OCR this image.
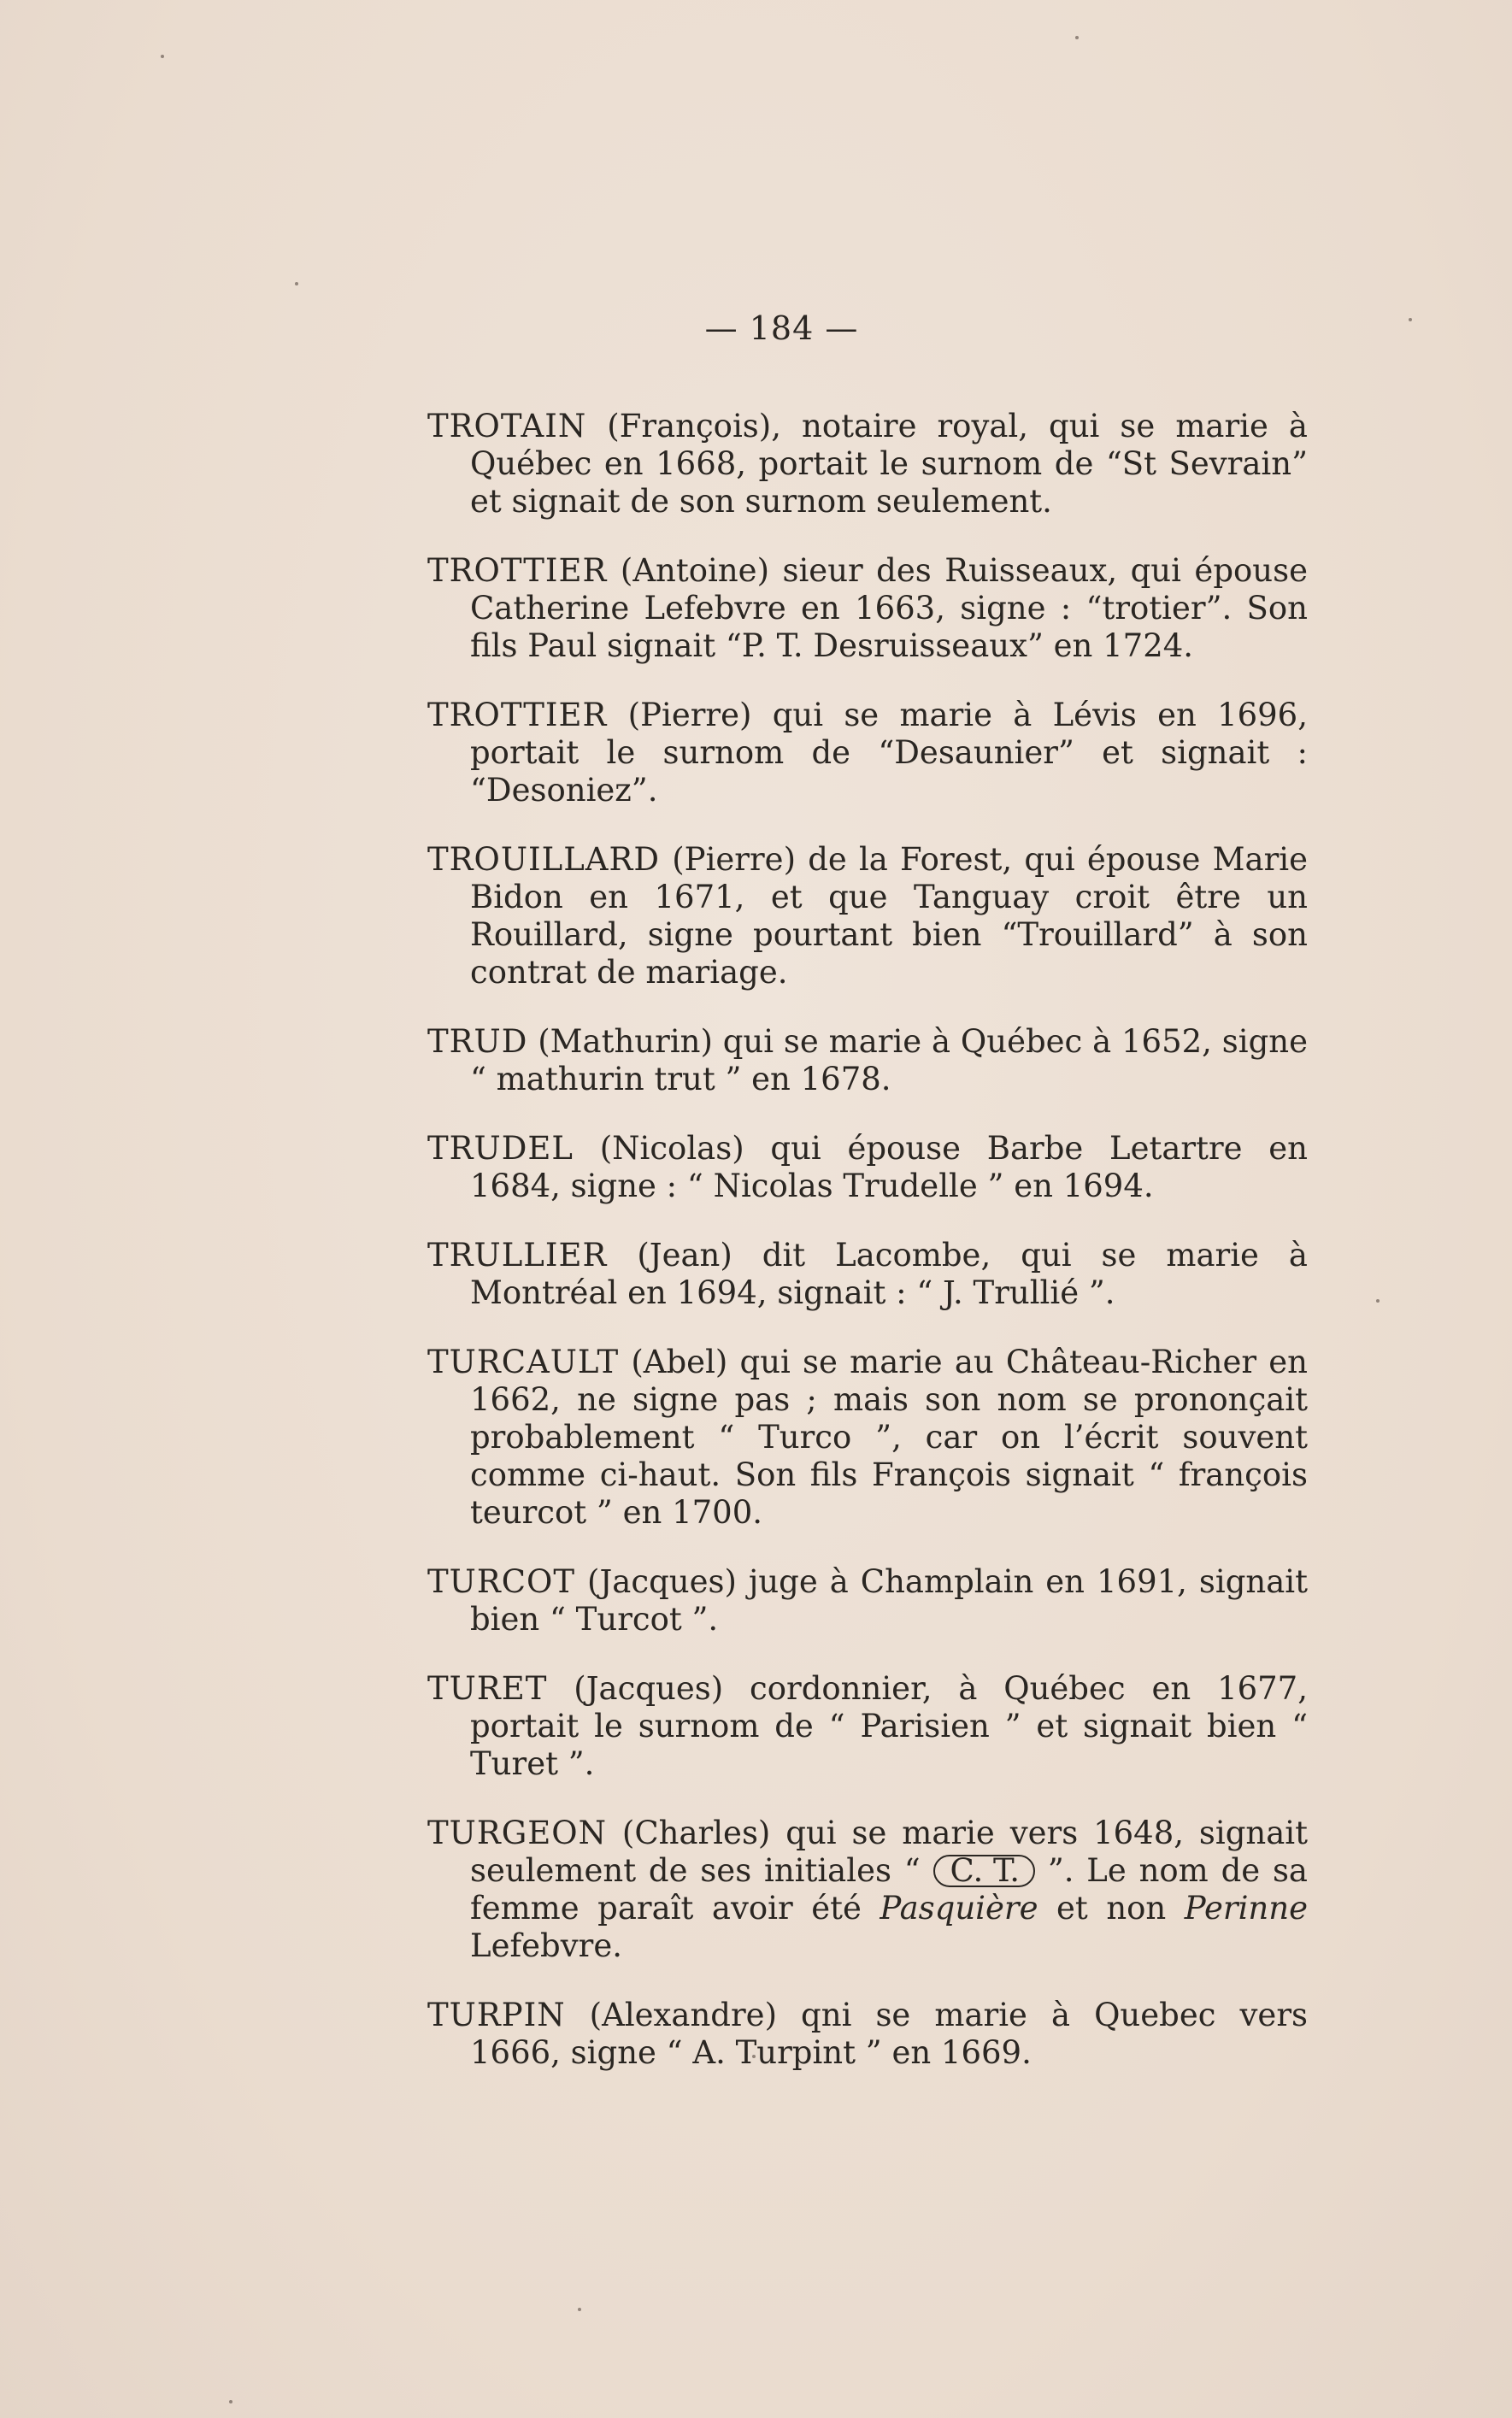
— 184 —

TROTAIN (François), notaire royal, qui se marie à Québec en 1668, portait le surnom de “St Sevrain” et signait de son surnom seulement.

TROTTIER (Antoine) sieur des Ruisseaux, qui épouse Catherine Lefebvre en 1663, signe : “trotier”. Son fils Paul signait “P. T. Desruisseaux” en 1724.

TROTTIER (Pierre) qui se marie à Lévis en 1696, portait le surnom de “Desaunier” et signait : “Desoniez”.

TROUILLARD (Pierre) de la Forest, qui épouse Marie Bidon en 1671, et que Tanguay croit être un Rouillard, signe pourtant bien “Trouillard” à son contrat de mariage.

TRUD (Mathurin) qui se marie à Québec à 1652, signe “ mathurin trut ” en 1678.

TRUDEL (Nicolas) qui épouse Barbe Letartre en 1684, signe : “ Nicolas Trudelle ” en 1694.

TRULLIER (Jean) dit Lacombe, qui se marie à Montréal en 1694, signait : “ J. Trullié ”.

TURCAULT (Abel) qui se marie au Château-Richer en 1662, ne signe pas ; mais son nom se prononçait probablement “ Turco ”, car on l’écrit souvent comme ci-haut. Son fils François signait “ françois teurcot ” en 1700.

TURCOT (Jacques) juge à Champlain en 1691, signait bien “ Turcot ”.

TURET (Jacques) cordonnier, à Québec en 1677, portait le surnom de “ Parisien ” et signait bien “ Turet ”.

TURGEON (Charles) qui se marie vers 1648, signait seulement de ses initiales “ C. T. ”. Le nom de sa femme paraît avoir été Pasquière et non Perinne Lefebvre.

TURPIN (Alexandre) qni se marie à Quebec vers 1666, signe “ A. Turpint ” en 1669.
